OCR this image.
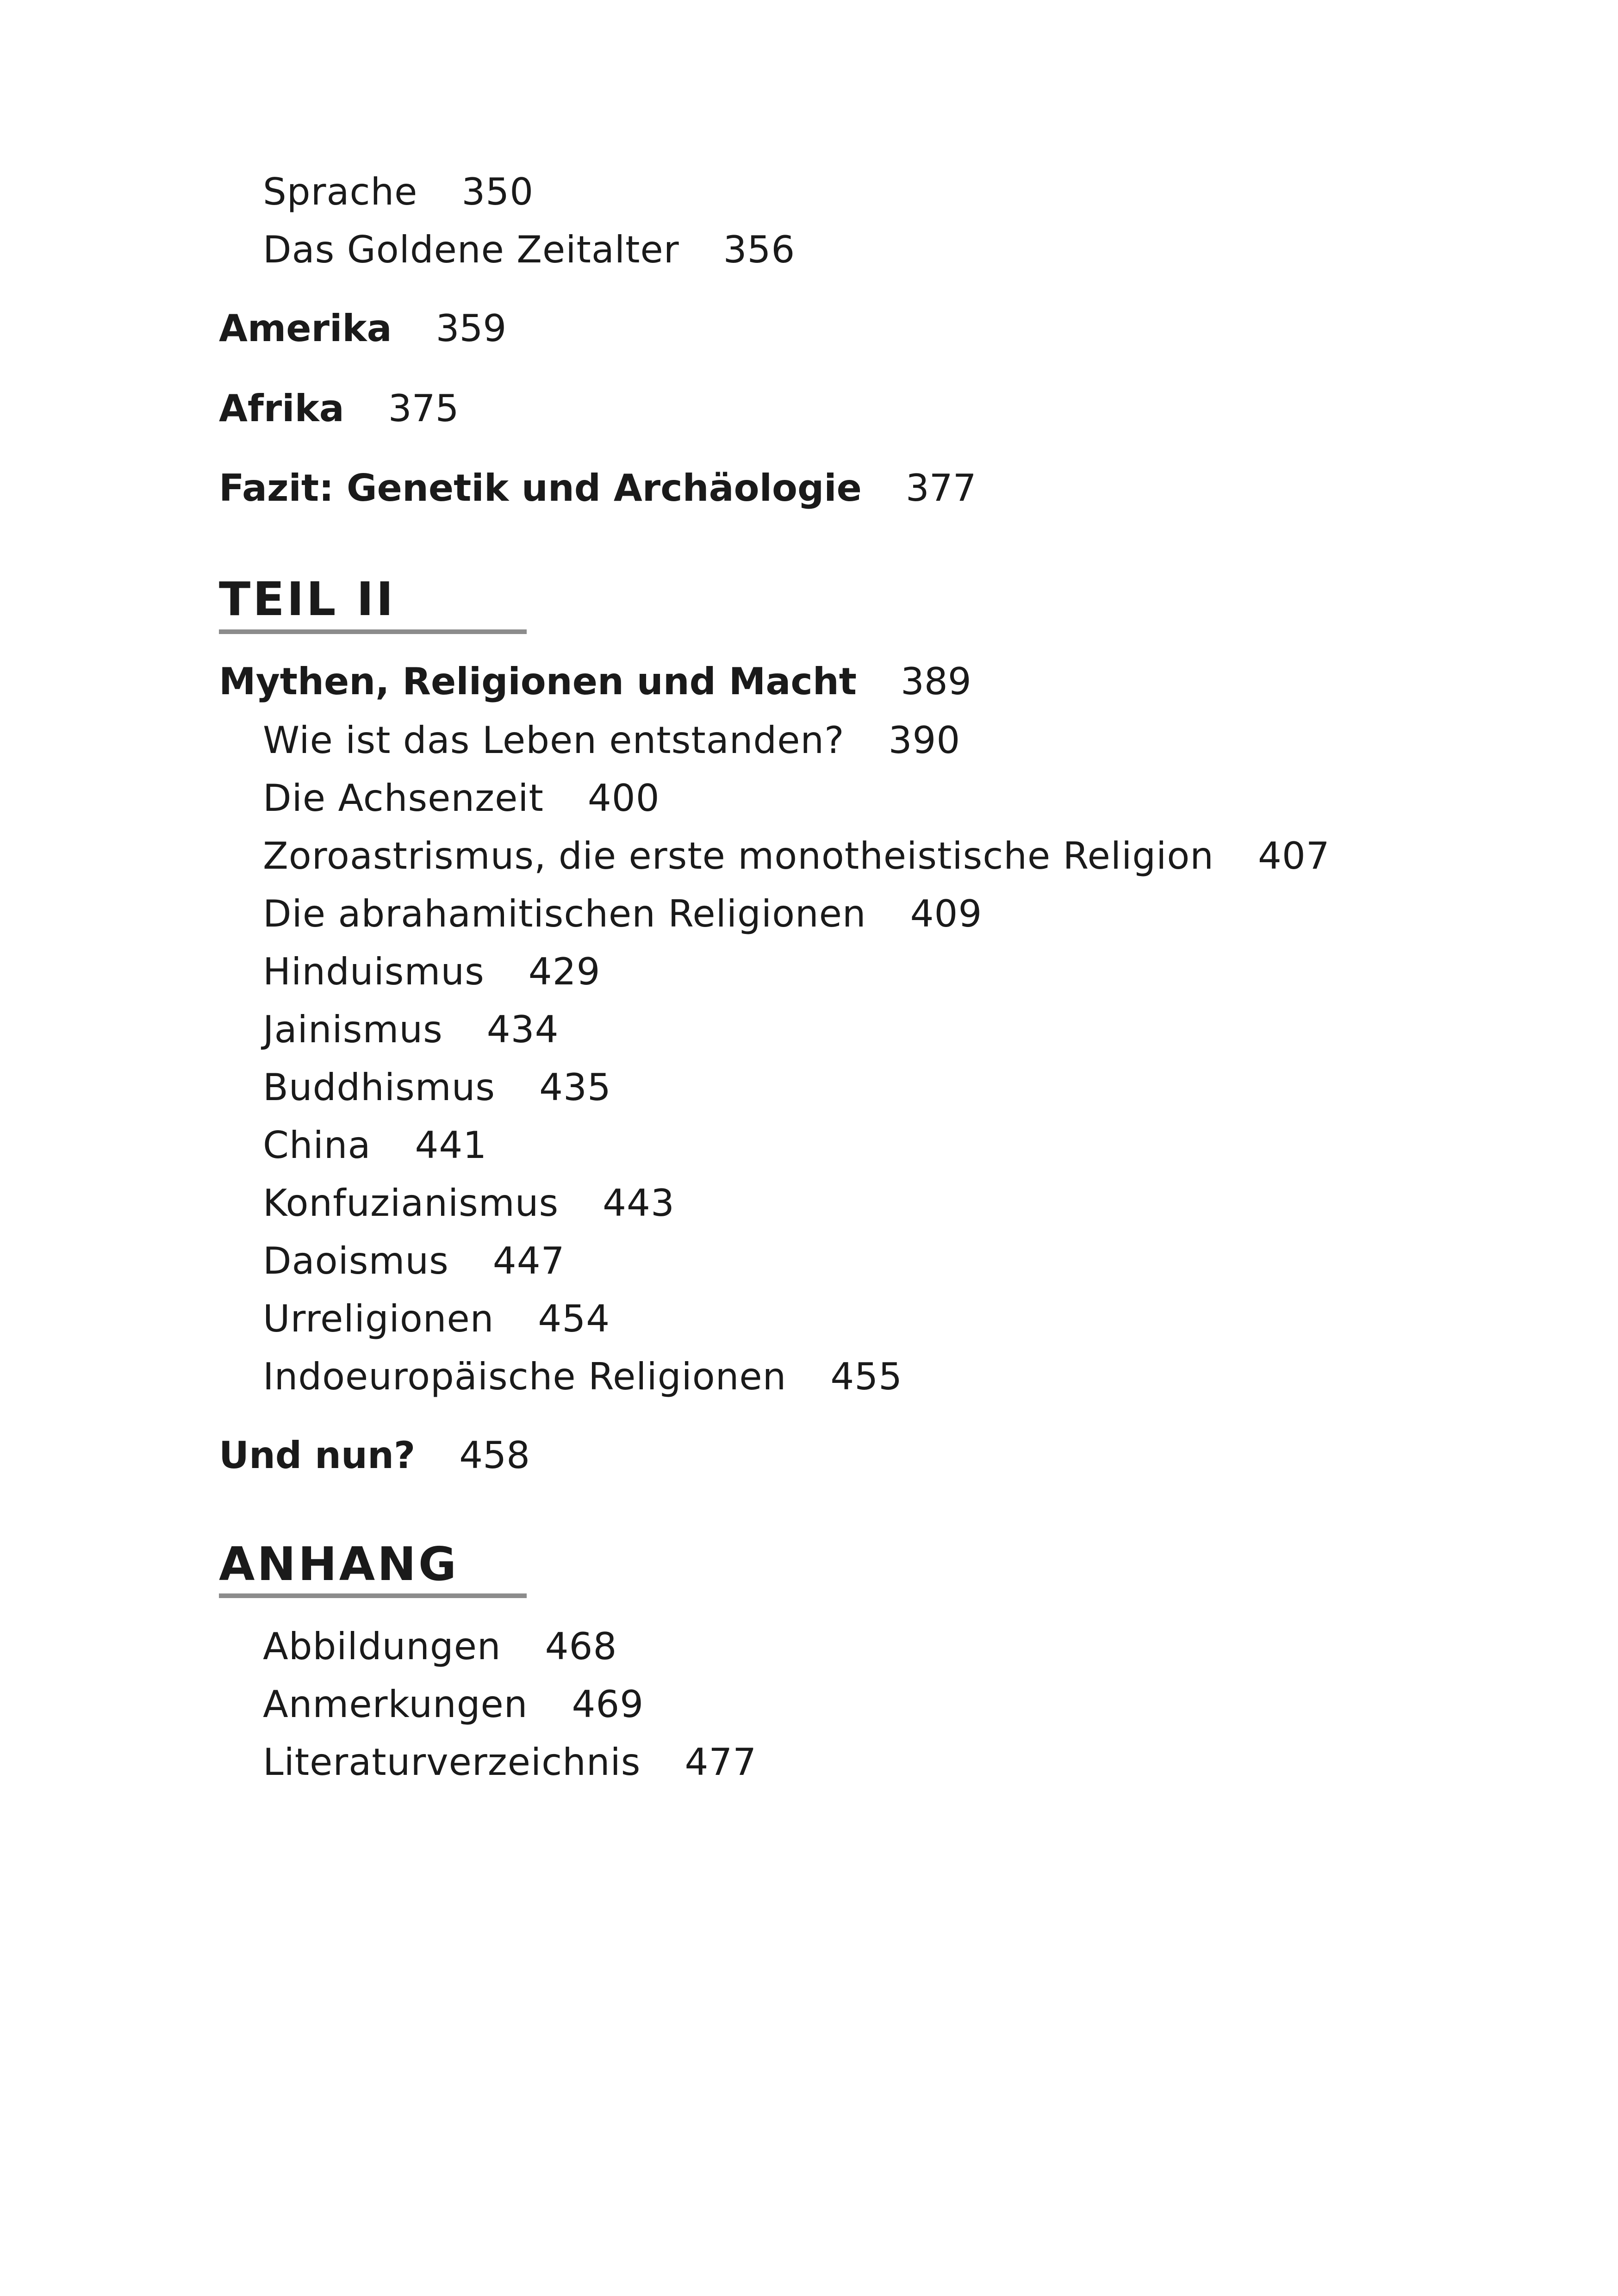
Sprache 350
Das Goldene Zeitalter 356
Amerika 359
Afrika 375
Fazit: Genetik und Archäologie 377
TEIL II
Mythen, Religionen und Macht 389
Wie ist das Leben entstanden? 390
Die Achsenzeit 400
Zoroastrismus, die erste monotheistische Religion 407
Die abrahamitischen Religionen 409
Hinduismus 429
Jainismus 434
Buddhismus 435
China 441
Konfuzianismus 443
Daoismus 447
Urreligionen 454
Indoeuropäische Religionen 455
Und nun? 458
ANHANG
Abbildungen 468
Anmerkungen 469
Literaturverzeichnis 477
